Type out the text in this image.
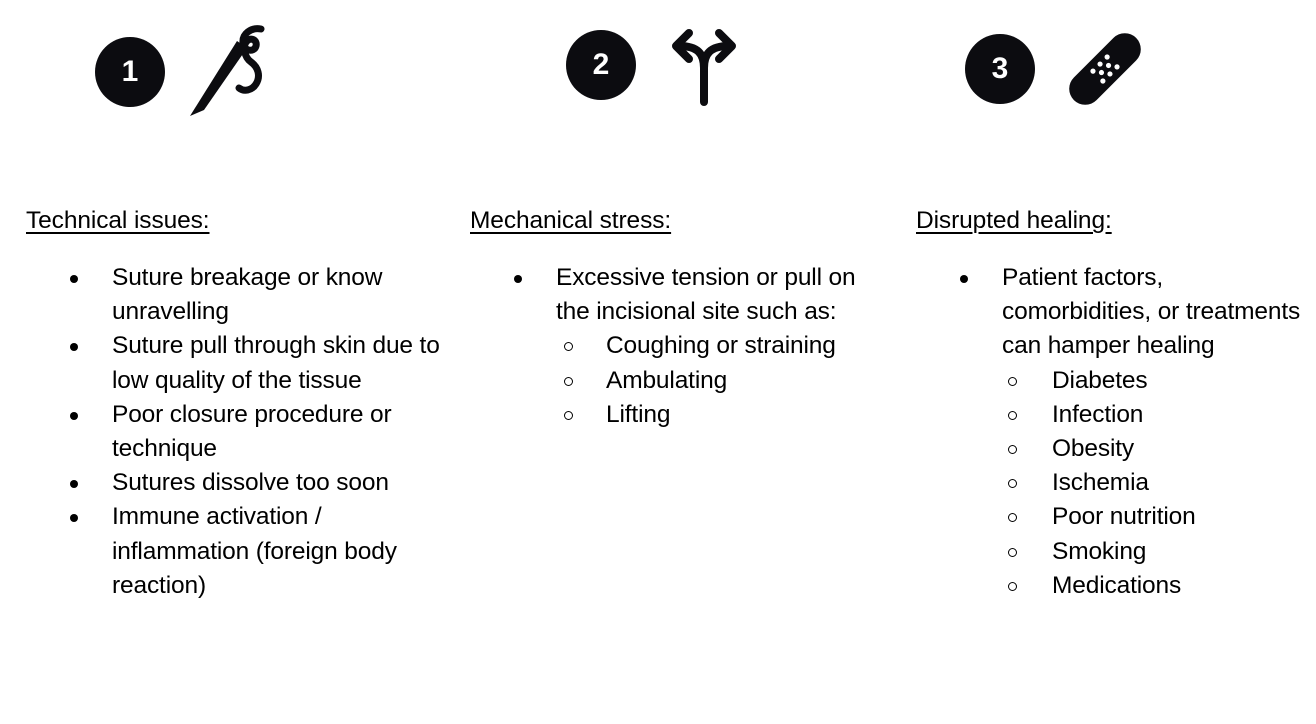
1	2	3
Technical issues:
Suture breakage or know unravelling
Suture pull through skin due to low quality of the tissue
Poor closure procedure or technique
Sutures dissolve too soon
Immune activation / inflammation (foreign body reaction)
Mechanical stress:
Excessive tension or pull on the incisional site such as:
Coughing or straining
Ambulating
Lifting
Disrupted healing:
Patient factors, comorbidities, or treatments can hamper healing
Diabetes
Infection
Obesity
Ischemia
Poor nutrition
Smoking
Medications
